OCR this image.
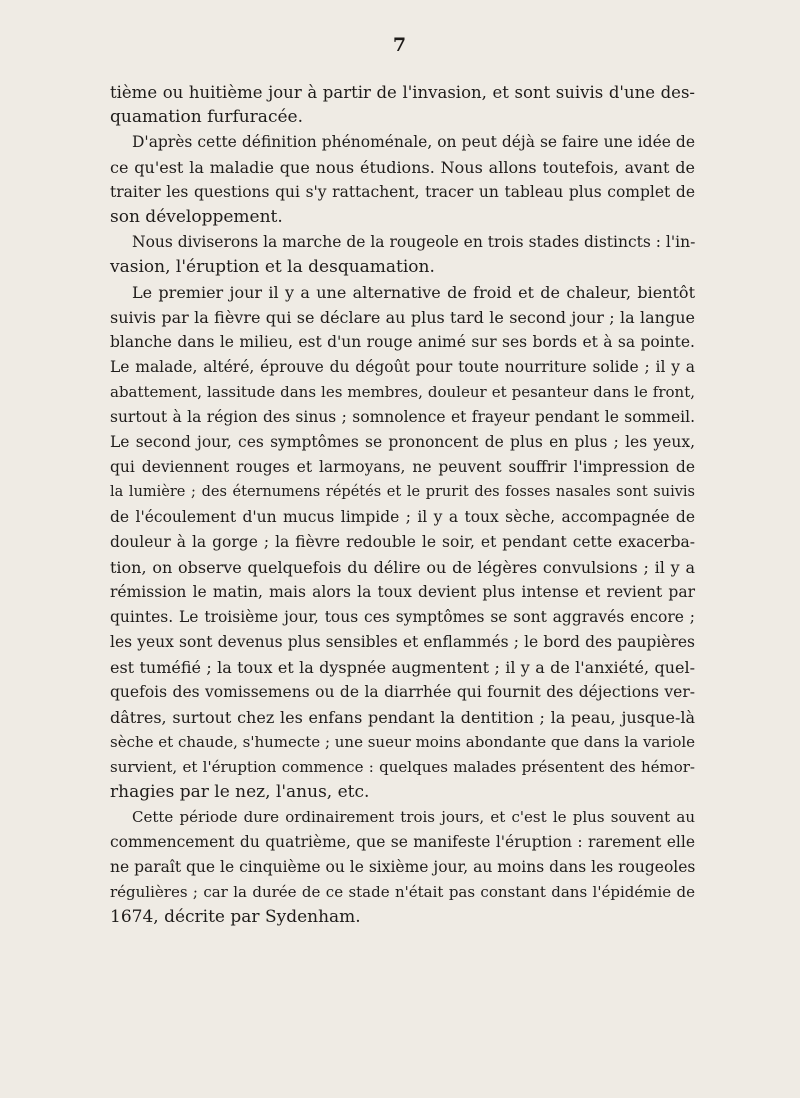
7
tième ou huitième jour à partir de l'invasion, et sont suivis d'une des-
quamation furfuracée.
D'après cette définition phénoménale, on peut déjà se faire une idée de
ce qu'est la maladie que nous étudions. Nous allons toutefois, avant de
traiter les questions qui s'y rattachent, tracer un tableau plus complet de
son développement.
Nous diviserons la marche de la rougeole en trois stades distincts : l'in-
vasion, l'éruption et la desquamation.
Le premier jour il y a une alternative de froid et de chaleur, bientôt
suivis par la fièvre qui se déclare au plus tard le second jour ; la langue
blanche dans le milieu, est d'un rouge animé sur ses bords et à sa pointe.
Le malade, altéré, éprouve du dégoût pour toute nourriture solide ; il y a
abattement, lassitude dans les membres, douleur et pesanteur dans le front,
surtout à la région des sinus ; somnolence et frayeur pendant le sommeil.
Le second jour, ces symptômes se prononcent de plus en plus ; les yeux,
qui deviennent rouges et larmoyans, ne peuvent souffrir l'impression de
la lumière ; des éternumens répétés et le prurit des fosses nasales sont suivis
de l'écoulement d'un mucus limpide ; il y a toux sèche, accompagnée de
douleur à la gorge ; la fièvre redouble le soir, et pendant cette exacerba-
tion, on observe quelquefois du délire ou de légères convulsions ; il y a
rémission le matin, mais alors la toux devient plus intense et revient par
quintes. Le troisième jour, tous ces symptômes se sont aggravés encore ;
les yeux sont devenus plus sensibles et enflammés ; le bord des paupières
est tuméfié ; la toux et la dyspnée augmentent ; il y a de l'anxiété, quel-
quefois des vomissemens ou de la diarrhée qui fournit des déjections ver-
dâtres, surtout chez les enfans pendant la dentition ; la peau, jusque-là
sèche et chaude, s'humecte ; une sueur moins abondante que dans la variole
survient, et l'éruption commence : quelques malades présentent des hémor-
rhagies par le nez, l'anus, etc.
Cette période dure ordinairement trois jours, et c'est le plus souvent au
commencement du quatrième, que se manifeste l'éruption : rarement elle
ne paraît que le cinquième ou le sixième jour, au moins dans les rougeoles
régulières ; car la durée de ce stade n'était pas constant dans l'épidémie de
1674, décrite par Sydenham.
